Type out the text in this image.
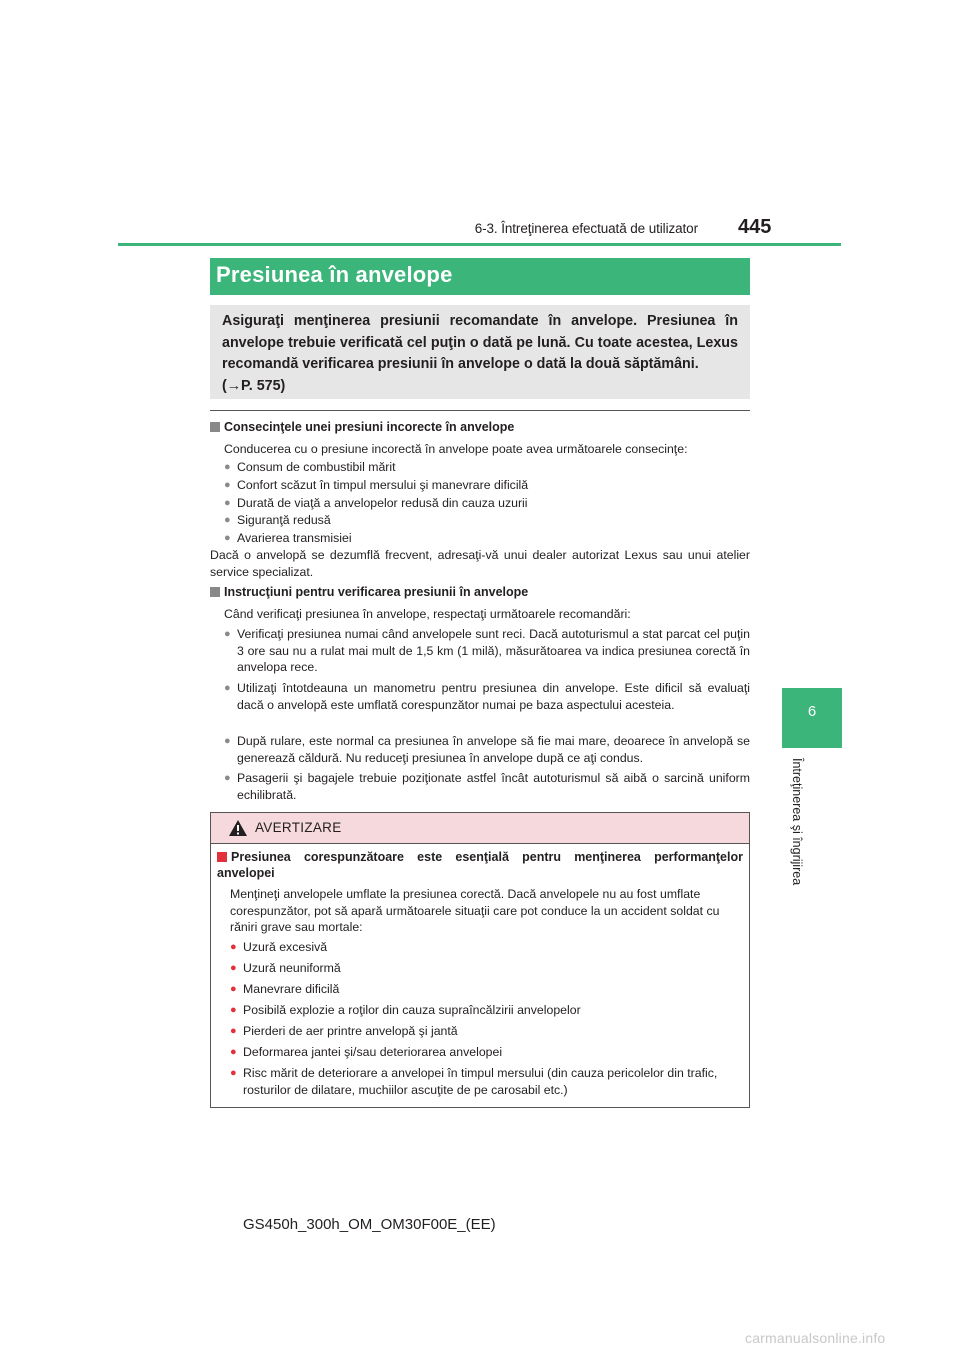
6-3. Întreţinerea efectuată de utilizator 445
6
Întreţinerea şi îngrijirea
Presiunea în anvelope
Asiguraţi menţinerea presiunii recomandate în anvelope. Presiunea în anvelope trebuie verificată cel puţin o dată pe lună. Cu toate acestea, Lexus recomandă verificarea presiunii în anvelope o dată la două săptămâni.
(→P. 575)
Consecinţele unei presiuni incorecte în anvelope
Conducerea cu o presiune incorectă în anvelope poate avea următoarele consecinţe:
● Consum de combustibil mărit
● Confort scăzut în timpul mersului şi manevrare dificilă
● Durată de viaţă a anvelopelor redusă din cauza uzurii
● Siguranţă redusă
● Avarierea transmisiei
Dacă o anvelopă se dezumflă frecvent, adresaţi-vă unui dealer autorizat Lexus sau unui atelier service specializat.
Instrucţiuni pentru verificarea presiunii în anvelope
Când verificaţi presiunea în anvelope, respectaţi următoarele recomandări:
● Verificaţi presiunea numai când anvelopele sunt reci. Dacă autoturismul a stat parcat cel puţin 3 ore sau nu a rulat mai mult de 1,5 km (1 milă), măsurătoarea va indica presiunea corectă în anvelopa rece.
● Utilizaţi întotdeauna un manometru pentru presiunea din anvelope. Este dificil să evaluaţi dacă o anvelopă este umflată corespunzător numai pe baza aspectului acesteia.
● După rulare, este normal ca presiunea în anvelope să fie mai mare, deoarece în anvelopă se generează căldură. Nu reduceţi presiunea în anvelope după ce aţi condus.
● Pasagerii şi bagajele trebuie poziţionate astfel încât autoturismul să aibă o sarcină uniform echilibrată.
AVERTIZARE
Presiunea corespunzătoare este esenţială pentru menţinerea performanţelor anvelopei
Menţineţi anvelopele umflate la presiunea corectă. Dacă anvelopele nu au fost umflate corespunzător, pot să apară următoarele situaţii care pot conduce la un accident soldat cu răniri grave sau mortale:
● Uzură excesivă
● Uzură neuniformă
● Manevrare dificilă
● Posibilă explozie a roţilor din cauza supraîncălzirii anvelopelor
● Pierderi de aer printre anvelopă şi jantă
● Deformarea jantei şi/sau deteriorarea anvelopei
● Risc mărit de deteriorare a anvelopei în timpul mersului (din cauza pericolelor din trafic, rosturilor de dilatare, muchiilor ascuţite de pe carosabil etc.)
GS450h_300h_OM_OM30F00E_(EE)
carmanualsonline.info
